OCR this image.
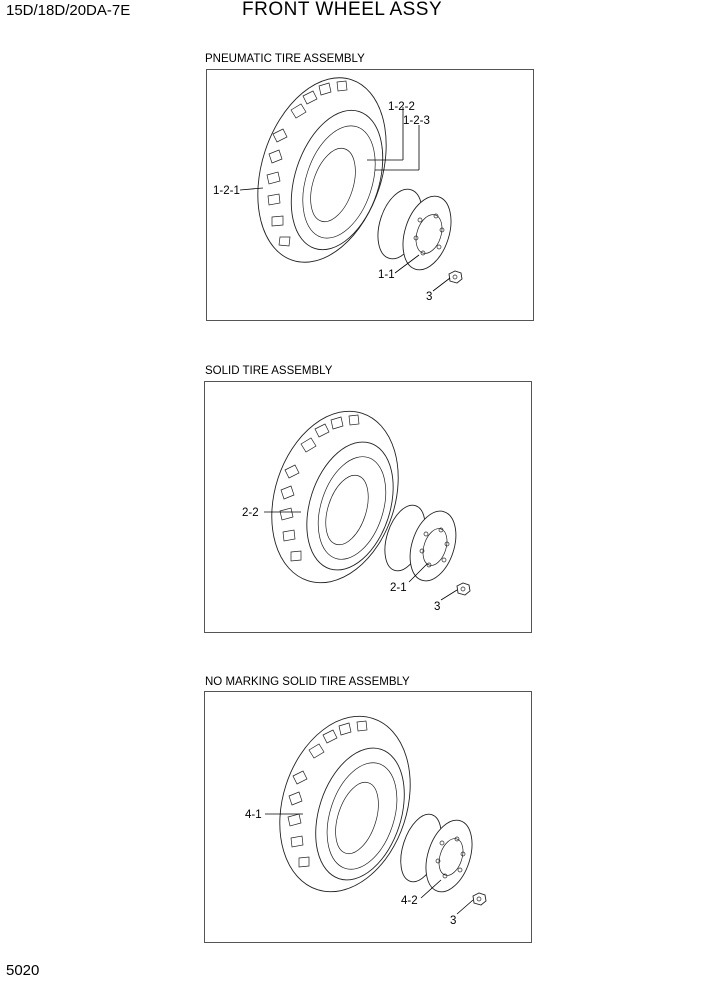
15D/18D/20DA-7E	FRONT WHEEL ASSY
PNEUMATIC TIRE ASSEMBLY
1-2-2
1-2-3
1-2-1
1-1
3
SOLID TIRE ASSEMBLY
2-2
2-1
3
NO MARKING SOLID TIRE ASSEMBLY
4-1
4-2
3
5020
